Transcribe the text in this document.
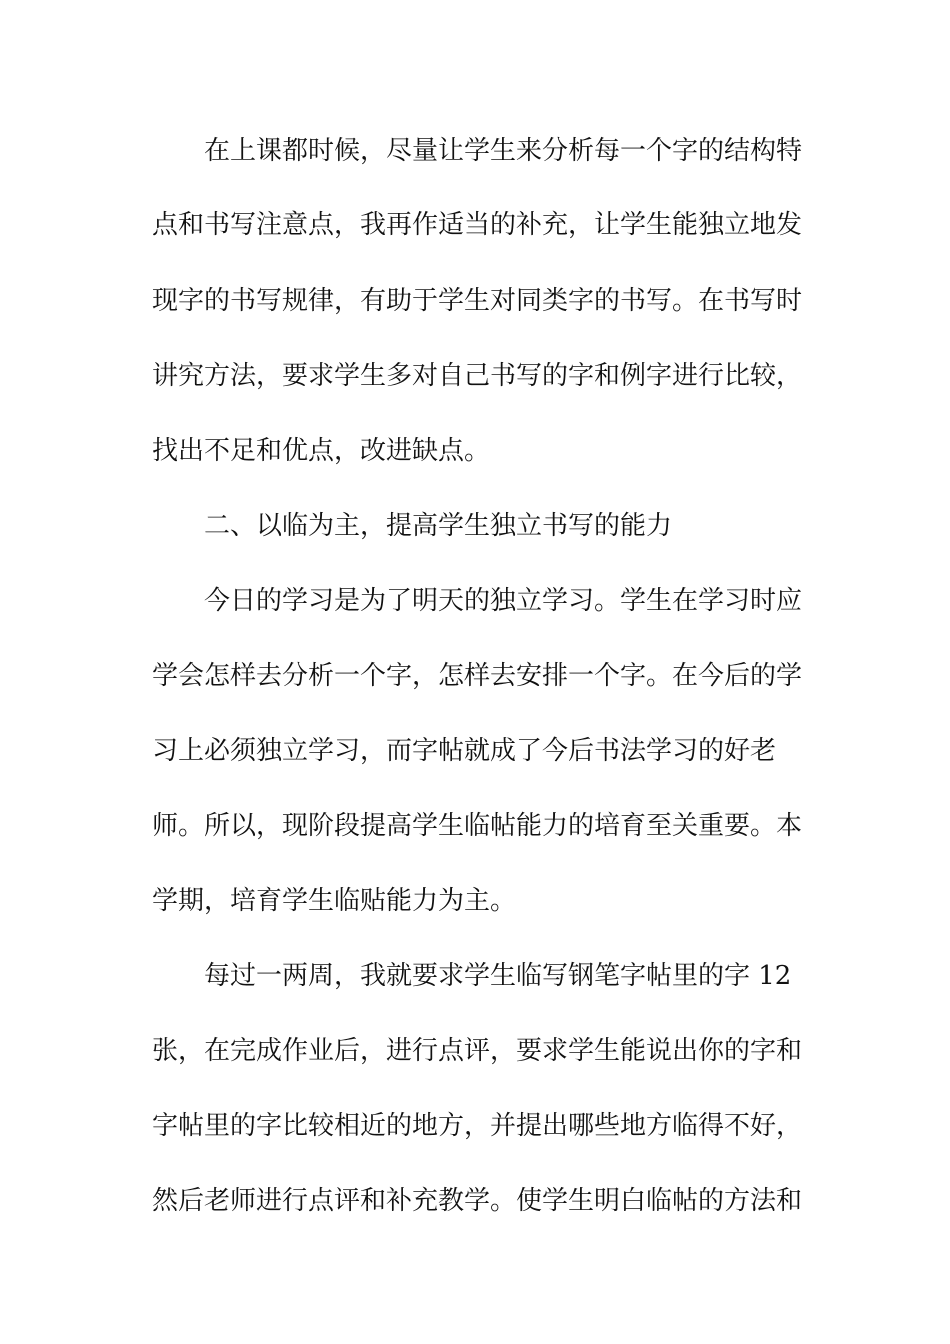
在上课都时候，尽量让学生来分析每一个字的结构特
点和书写注意点，我再作适当的补充，让学生能独立地发
现字的书写规律，有助于学生对同类字的书写。在书写时
讲究方法，要求学生多对自己书写的字和例字进行比较，
找出不足和优点，改进缺点。
二、以临为主，提高学生独立书写的能力
今日的学习是为了明天的独立学习。学生在学习时应
学会怎样去分析一个字，怎样去安排一个字。在今后的学
习上必须独立学习，而字帖就成了今后书法学习的好老
师。所以，现阶段提高学生临帖能力的培育至关重要。本
学期，培育学生临贴能力为主。
每过一两周，我就要求学生临写钢笔字帖里的字 12
张，在完成作业后，进行点评，要求学生能说出你的字和
字帖里的字比较相近的地方，并提出哪些地方临得不好，
然后老师进行点评和补充教学。使学生明白临帖的方法和
